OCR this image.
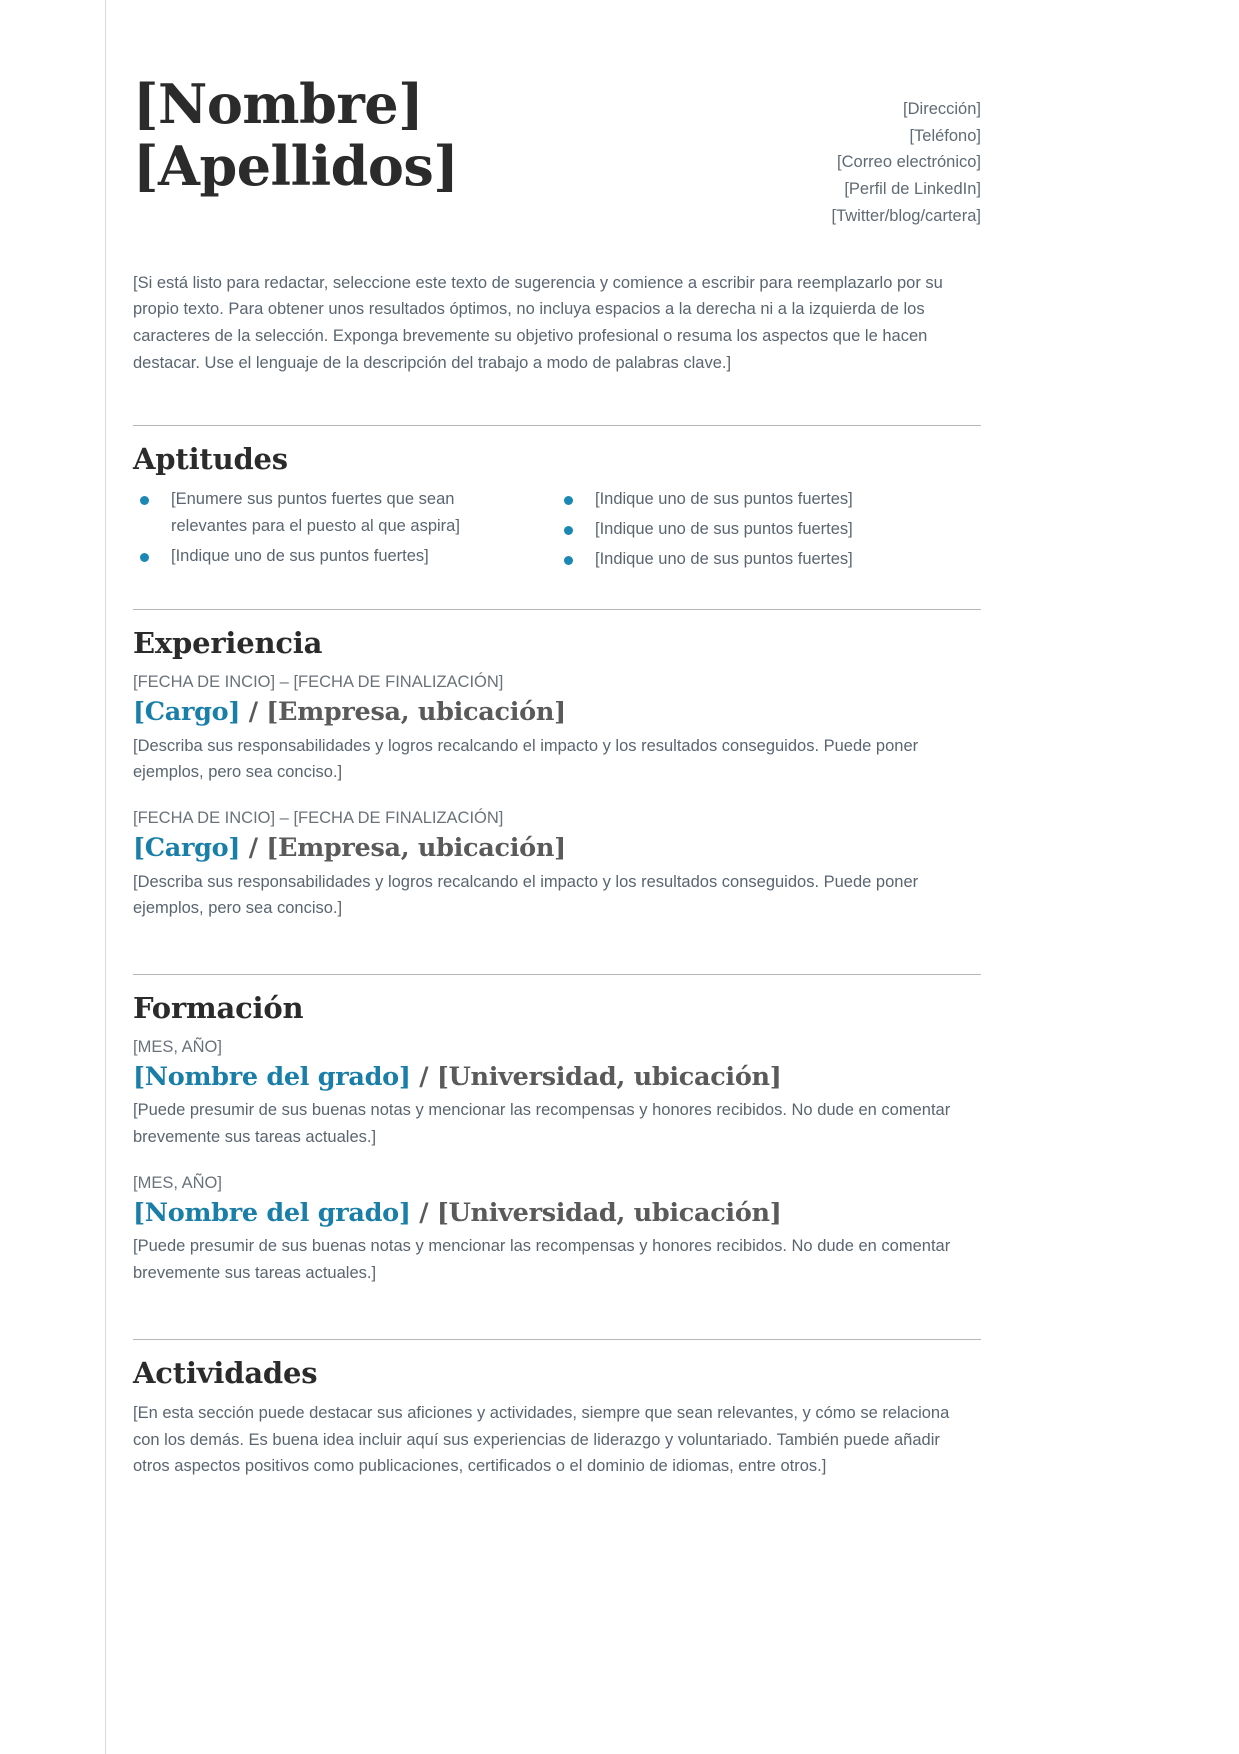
[Nombre]
[Apellidos]
[Dirección]
[Teléfono]
[Correo electrónico]
[Perfil de LinkedIn]
[Twitter/blog/cartera]
[Si está listo para redactar, seleccione este texto de sugerencia y comience a escribir para reemplazarlo por su propio texto. Para obtener unos resultados óptimos, no incluya espacios a la derecha ni a la izquierda de los caracteres de la selección. Exponga brevemente su objetivo profesional o resuma los aspectos que le hacen destacar. Use el lenguaje de la descripción del trabajo a modo de palabras clave.]
Aptitudes
[Enumere sus puntos fuertes que sean relevantes para el puesto al que aspira]
[Indique uno de sus puntos fuertes]
[Indique uno de sus puntos fuertes]
[Indique uno de sus puntos fuertes]
[Indique uno de sus puntos fuertes]
Experiencia
[FECHA DE INCIO] – [FECHA DE FINALIZACIÓN]
[Cargo] / [Empresa, ubicación]
[Describa sus responsabilidades y logros recalcando el impacto y los resultados conseguidos. Puede poner ejemplos, pero sea conciso.]
[FECHA DE INCIO] – [FECHA DE FINALIZACIÓN]
[Cargo] / [Empresa, ubicación]
[Describa sus responsabilidades y logros recalcando el impacto y los resultados conseguidos. Puede poner ejemplos, pero sea conciso.]
Formación
[MES, AÑO]
[Nombre del grado] / [Universidad, ubicación]
[Puede presumir de sus buenas notas y mencionar las recompensas y honores recibidos. No dude en comentar brevemente sus tareas actuales.]
[MES, AÑO]
[Nombre del grado] / [Universidad, ubicación]
[Puede presumir de sus buenas notas y mencionar las recompensas y honores recibidos. No dude en comentar brevemente sus tareas actuales.]
Actividades
[En esta sección puede destacar sus aficiones y actividades, siempre que sean relevantes, y cómo se relaciona con los demás. Es buena idea incluir aquí sus experiencias de liderazgo y voluntariado. También puede añadir otros aspectos positivos como publicaciones, certificados o el dominio de idiomas, entre otros.]
